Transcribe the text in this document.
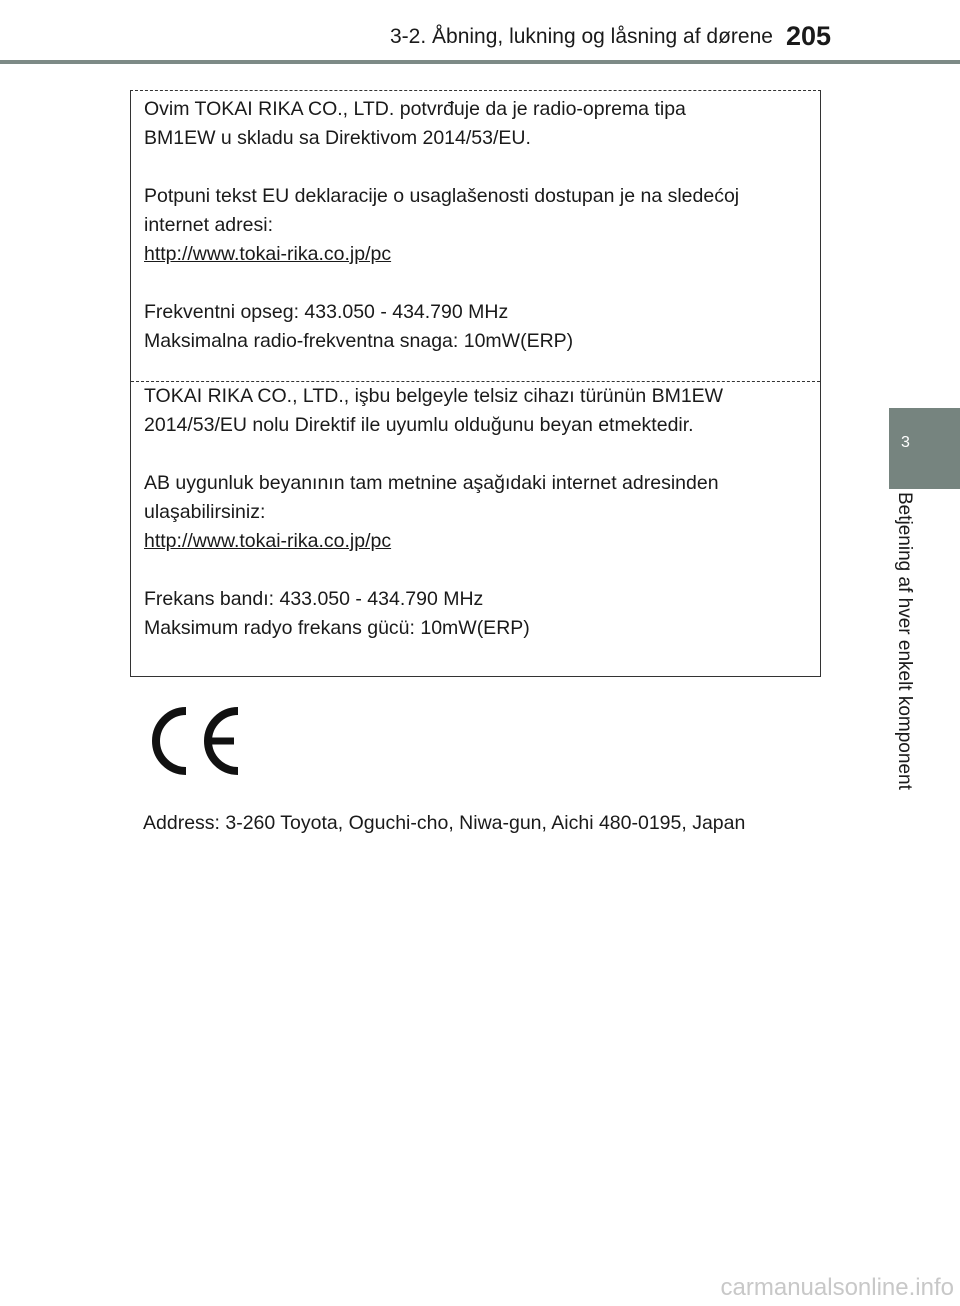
3-2. Åbning, lukning og låsning af dørene 205

Ovim TOKAI RIKA CO., LTD. potvrđuje da je radio-oprema tipa

BM1EW u skladu sa Direktivom 2014/53/EU.

Potpuni tekst EU deklaracije o usaglašenosti dostupan je na sledećoj

internet adresi:

http://www.tokai-rika.co.jp/pc

Frekventni opseg: 433.050 - 434.790 MHz

Maksimalna radio-frekventna snaga: 10mW(ERP)

TOKAI RIKA CO., LTD., işbu belgeyle telsiz cihazı türünün BM1EW

2014/53/EU nolu Direktif ile uyumlu olduğunu beyan etmektedir.

AB uygunluk beyanının tam metnine aşağıdaki internet adresinden

ulaşabilirsiniz:

http://www.tokai-rika.co.jp/pc

Frekans bandı: 433.050 - 434.790 MHz

Maksimum radyo frekans gücü: 10mW(ERP)

Address: 3-260 Toyota, Oguchi-cho, Niwa-gun, Aichi 480-0195, Japan
3
Betjening af hver enkelt komponent
carmanualsonline.info
